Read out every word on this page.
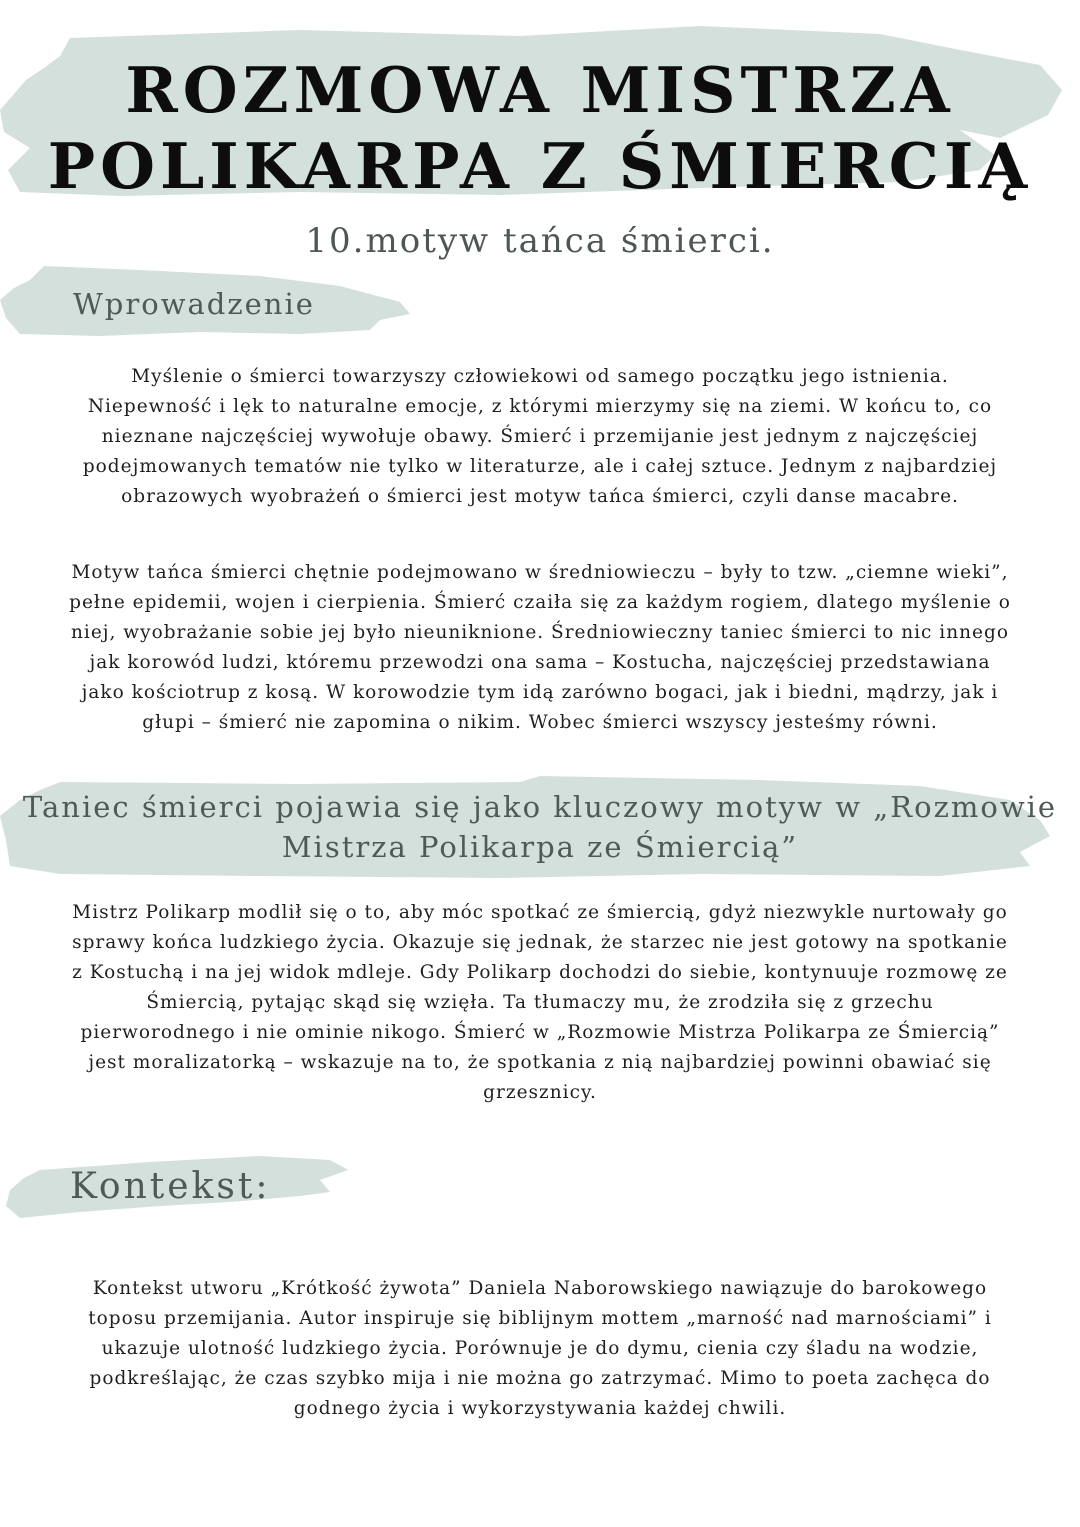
ROZMOWA MISTRZA
POLIKARPA Z ŚMIERCIĄ
10.motyw tańca śmierci.
Wprowadzenie
Myślenie o śmierci towarzyszy człowiekowi od samego początku jego istnienia.
Niepewność i lęk to naturalne emocje, z którymi mierzymy się na ziemi. W końcu to, co
nieznane najczęściej wywołuje obawy. Śmierć i przemijanie jest jednym z najczęściej
podejmowanych tematów nie tylko w literaturze, ale i całej sztuce. Jednym z najbardziej
obrazowych wyobrażeń o śmierci jest motyw tańca śmierci, czyli danse macabre.
Motyw tańca śmierci chętnie podejmowano w średniowieczu – były to tzw. „ciemne wieki”,
pełne epidemii, wojen i cierpienia. Śmierć czaiła się za każdym rogiem, dlatego myślenie o
niej, wyobrażanie sobie jej było nieuniknione. Średniowieczny taniec śmierci to nic innego
jak korowód ludzi, któremu przewodzi ona sama – Kostucha, najczęściej przedstawiana
jako kościotrup z kosą. W korowodzie tym idą zarówno bogaci, jak i biedni, mądrzy, jak i
głupi – śmierć nie zapomina o nikim. Wobec śmierci wszyscy jesteśmy równi.
Taniec śmierci pojawia się jako kluczowy motyw w „Rozmowie
Mistrza Polikarpa ze Śmiercią”
Mistrz Polikarp modlił się o to, aby móc spotkać ze śmiercią, gdyż niezwykle nurtowały go
sprawy końca ludzkiego życia. Okazuje się jednak, że starzec nie jest gotowy na spotkanie
z Kostuchą i na jej widok mdleje. Gdy Polikarp dochodzi do siebie, kontynuuje rozmowę ze
Śmiercią, pytając skąd się wzięła. Ta tłumaczy mu, że zrodziła się z grzechu
pierworodnego i nie ominie nikogo. Śmierć w „Rozmowie Mistrza Polikarpa ze Śmiercią”
jest moralizatorką – wskazuje na to, że spotkania z nią najbardziej powinni obawiać się
grzesznicy.
Kontekst:
Kontekst utworu „Krótkość żywota” Daniela Naborowskiego nawiązuje do barokowego
toposu przemijania. Autor inspiruje się biblijnym mottem „marność nad marnościami” i
ukazuje ulotność ludzkiego życia. Porównuje je do dymu, cienia czy śladu na wodzie,
podkreślając, że czas szybko mija i nie można go zatrzymać. Mimo to poeta zachęca do
godnego życia i wykorzystywania każdej chwili.
